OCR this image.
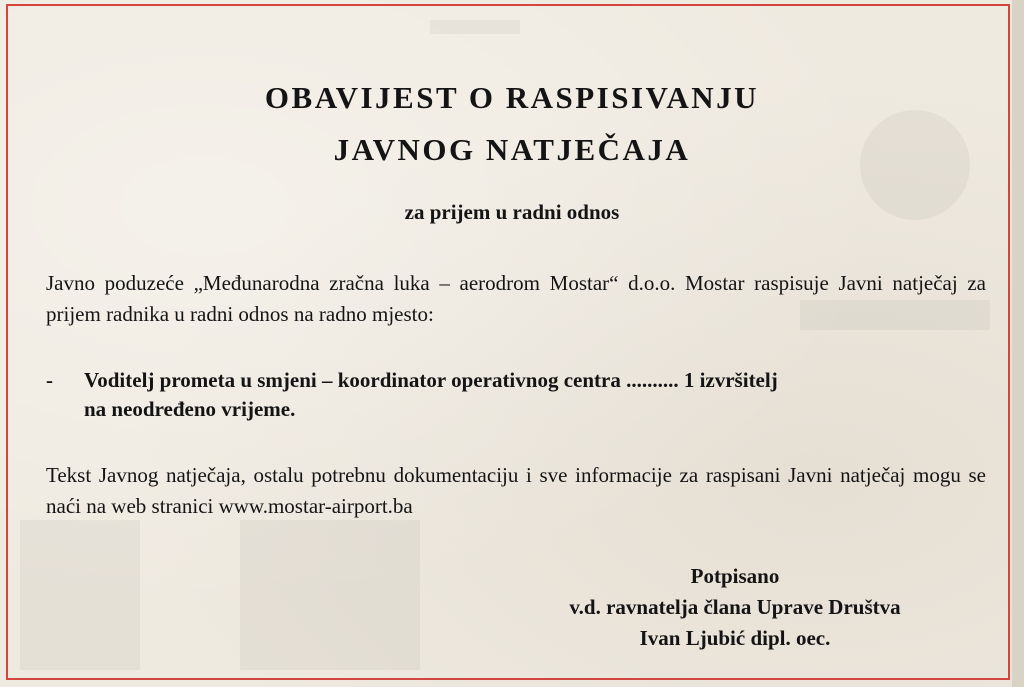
OBAVIJEST O RASPISIVANJU
JAVNOG NATJEČAJA
za prijem u radni odnos
Javno poduzeće „Međunarodna zračna luka – aerodrom Mostar“ d.o.o. Mostar raspisuje Javni natječaj za prijem radnika u radni odnos na radno mjesto:
- Voditelj prometa u smjeni – koordinator operativnog centra .......... 1 izvršitelj
na neodređeno vrijeme.
Tekst Javnog natječaja, ostalu potrebnu dokumentaciju i sve informacije za raspisani Javni natječaj mogu se naći na web stranici www.mostar-airport.ba
Potpisano
v.d. ravnatelja člana Uprave Društva
Ivan Ljubić dipl. oec.
